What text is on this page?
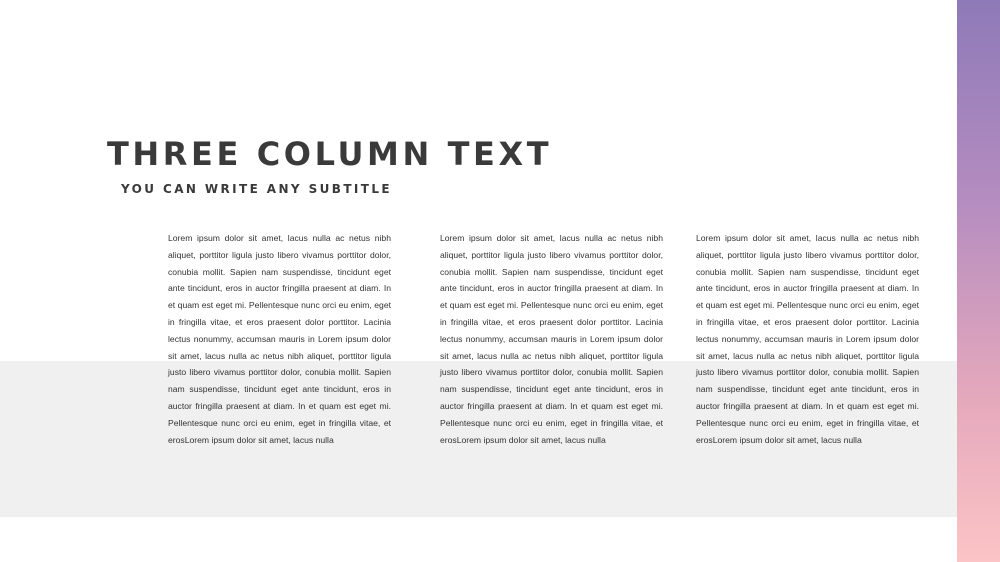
THREE COLUMN TEXT
YOU CAN WRITE ANY SUBTITLE

Lorem ipsum dolor sit amet, lacus nulla ac netus nibh aliquet, porttitor ligula justo libero vivamus porttitor dolor, conubia mollit. Sapien nam suspendisse, tincidunt eget ante tincidunt, eros in auctor fringilla praesent at diam. In et quam est eget mi. Pellentesque nunc orci eu enim, eget in fringilla vitae, et eros praesent dolor porttitor. Lacinia lectus nonummy, accumsan mauris in Lorem ipsum dolor sit amet, lacus nulla ac netus nibh aliquet, porttitor ligula justo libero vivamus porttitor dolor, conubia mollit. Sapien nam suspendisse, tincidunt eget ante tincidunt, eros in auctor fringilla praesent at diam. In et quam est eget mi. Pellentesque nunc orci eu enim, eget in fringilla vitae, et erosLorem ipsum dolor sit amet, lacus nulla

Lorem ipsum dolor sit amet, lacus nulla ac netus nibh aliquet, porttitor ligula justo libero vivamus porttitor dolor, conubia mollit. Sapien nam suspendisse, tincidunt eget ante tincidunt, eros in auctor fringilla praesent at diam. In et quam est eget mi. Pellentesque nunc orci eu enim, eget in fringilla vitae, et eros praesent dolor porttitor. Lacinia lectus nonummy, accumsan mauris in Lorem ipsum dolor sit amet, lacus nulla ac netus nibh aliquet, porttitor ligula justo libero vivamus porttitor dolor, conubia mollit. Sapien nam suspendisse, tincidunt eget ante tincidunt, eros in auctor fringilla praesent at diam. In et quam est eget mi. Pellentesque nunc orci eu enim, eget in fringilla vitae, et erosLorem ipsum dolor sit amet, lacus nulla

Lorem ipsum dolor sit amet, lacus nulla ac netus nibh aliquet, porttitor ligula justo libero vivamus porttitor dolor, conubia mollit. Sapien nam suspendisse, tincidunt eget ante tincidunt, eros in auctor fringilla praesent at diam. In et quam est eget mi. Pellentesque nunc orci eu enim, eget in fringilla vitae, et eros praesent dolor porttitor. Lacinia lectus nonummy, accumsan mauris in Lorem ipsum dolor sit amet, lacus nulla ac netus nibh aliquet, porttitor ligula justo libero vivamus porttitor dolor, conubia mollit. Sapien nam suspendisse, tincidunt eget ante tincidunt, eros in auctor fringilla praesent at diam. In et quam est eget mi. Pellentesque nunc orci eu enim, eget in fringilla vitae, et erosLorem ipsum dolor sit amet, lacus nulla
